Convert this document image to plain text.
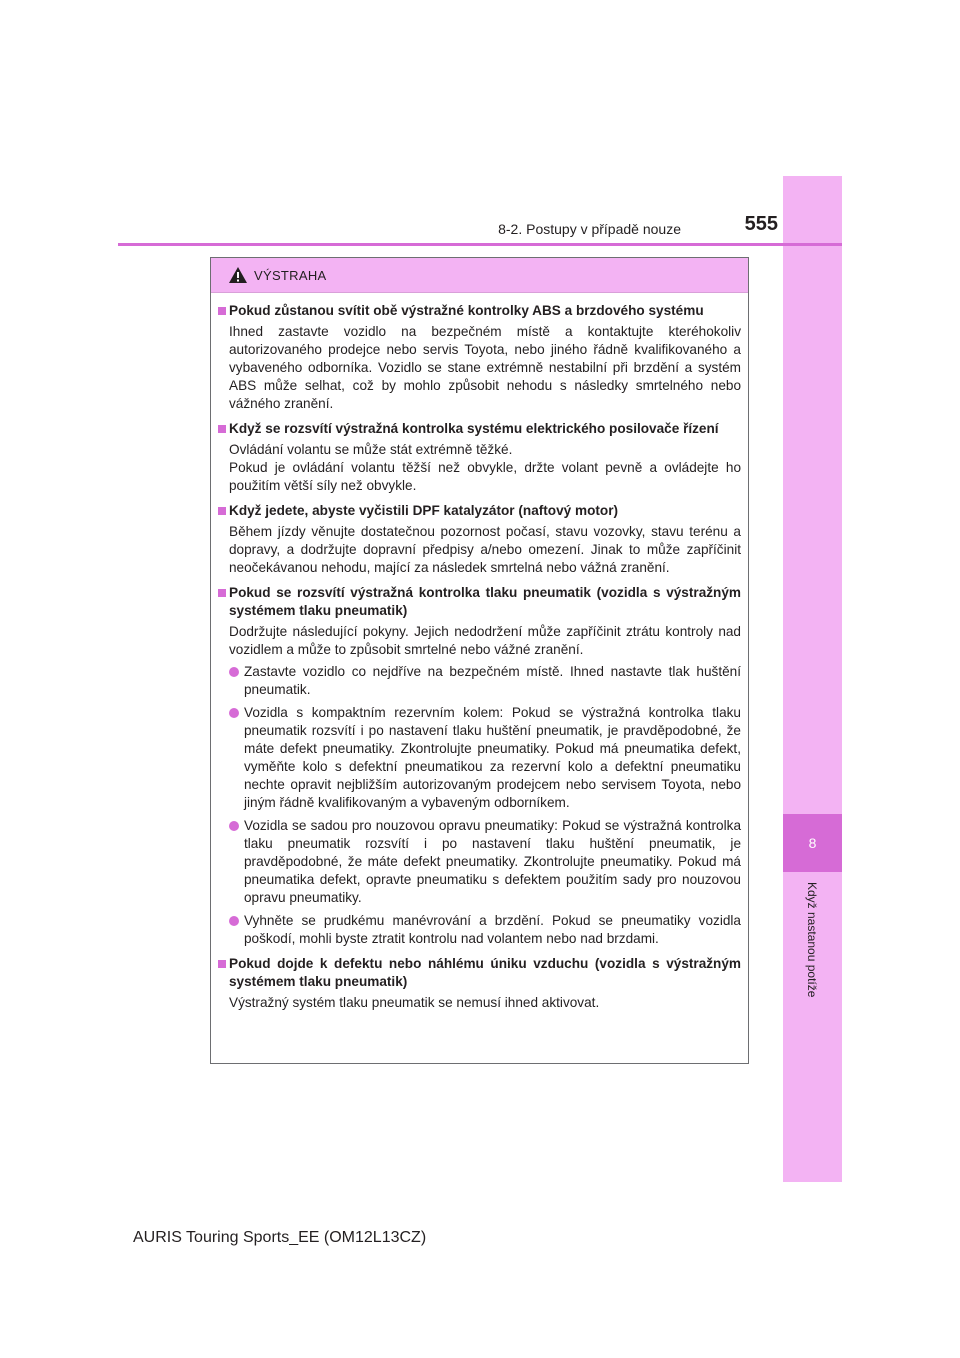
8
Když nastanou potíže
8-2. Postupy v případě nouze	555
VÝSTRAHA
Pokud zůstanou svítit obě výstražné kontrolky ABS a brzdového systému
Ihned zastavte vozidlo na bezpečném místě a kontaktujte kteréhokoliv autorizovaného prodejce nebo servis Toyota, nebo jiného řádně kvalifikovaného a vybaveného odborníka. Vozidlo se stane extrémně nestabilní při brzdění a systém ABS může selhat, což by mohlo způsobit nehodu s následky smrtelného nebo vážného zranění.
Když se rozsvítí výstražná kontrolka systému elektrického posilovače řízení
Ovládání volantu se může stát extrémně těžké.
Pokud je ovládání volantu těžší než obvykle, držte volant pevně a ovládejte ho použitím větší síly než obvykle.
Když jedete, abyste vyčistili DPF katalyzátor (naftový motor)
Během jízdy věnujte dostatečnou pozornost počasí, stavu vozovky, stavu terénu a dopravy, a dodržujte dopravní předpisy a/nebo omezení. Jinak to může zapříčinit neočekávanou nehodu, mající za následek smrtelná nebo vážná zranění.
Pokud se rozsvítí výstražná kontrolka tlaku pneumatik (vozidla s výstražným systémem tlaku pneumatik)
Dodržujte následující pokyny. Jejich nedodržení může zapříčinit ztrátu kontroly nad vozidlem a může to způsobit smrtelné nebo vážné zranění.
Zastavte vozidlo co nejdříve na bezpečném místě. Ihned nastavte tlak huštění pneumatik.
Vozidla s kompaktním rezervním kolem: Pokud se výstražná kontrolka tlaku pneumatik rozsvítí i po nastavení tlaku huštění pneumatik, je pravděpodobné, že máte defekt pneumatiky. Zkontrolujte pneumatiky. Pokud má pneumatika defekt, vyměňte kolo s defektní pneumatikou za rezervní kolo a defektní pneumatiku nechte opravit nejbližším autorizovaným prodejcem nebo servisem Toyota, nebo jiným řádně kvalifikovaným a vybaveným odborníkem.
Vozidla se sadou pro nouzovou opravu pneumatiky: Pokud se výstražná kontrolka tlaku pneumatik rozsvítí i po nastavení tlaku huštění pneumatik, je pravděpodobné, že máte defekt pneumatiky. Zkontrolujte pneumatiky. Pokud má pneumatika defekt, opravte pneumatiku s defektem použitím sady pro nouzovou opravu pneumatiky.
Vyhněte se prudkému manévrování a brzdění. Pokud se pneumatiky vozidla poškodí, mohli byste ztratit kontrolu nad volantem nebo nad brzdami.
Pokud dojde k defektu nebo náhlému úniku vzduchu (vozidla s výstražným systémem tlaku pneumatik)
Výstražný systém tlaku pneumatik se nemusí ihned aktivovat.
AURIS Touring Sports_EE (OM12L13CZ)
